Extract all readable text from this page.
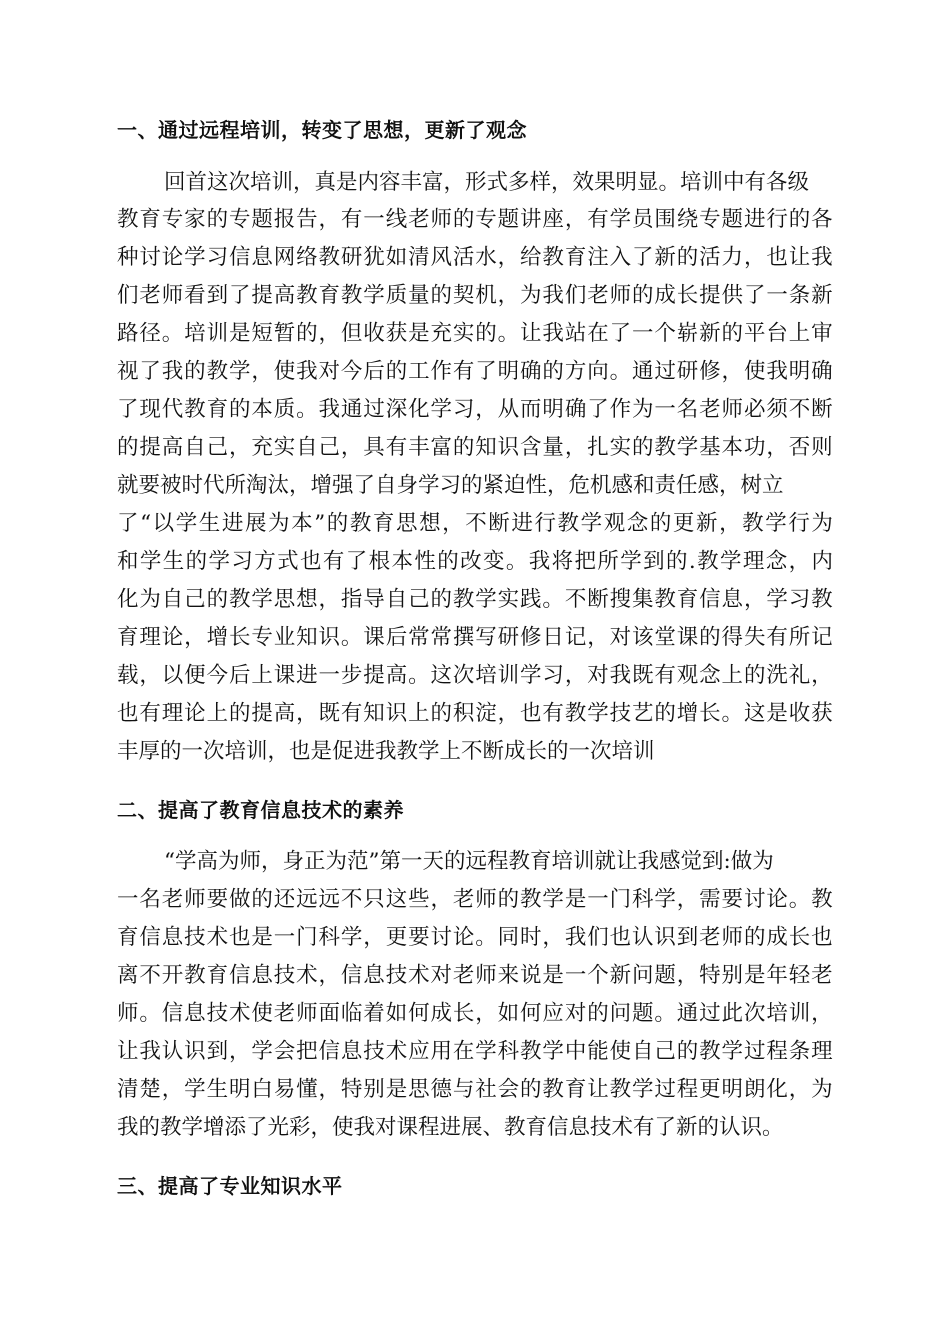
一、通过远程培训，转变了思想，更新了观念
回首这次培训，真是内容丰富，形式多样，效果明显。培训中有各级
教 育 专 家 的 专 题 报 告 ， 有 一 线 老 师 的 专 题 讲 座 ， 有 学 员 围 绕 专 题 进 行 的 各
种 讨 论 学 习 信 息 网 络 教 研 犹 如 清 风 活 水 ， 给 教 育 注 入 了 新 的 活 力 ， 也 让 我
们 老 师 看 到 了 提 高 教 育 教 学 质 量 的 契 机 ， 为 我 们 老 师 的 成 长 提 供 了 一 条 新
路 径 。 培 训 是 短 暂 的 ， 但 收 获 是 充 实 的 。 让 我 站 在 了 一 个 崭 新 的 平 台 上 审
视 了 我 的 教 学 ， 使 我 对 今 后 的 工 作 有 了 明 确 的 方 向 。 通 过 研 修 ， 使 我 明 确
了 现 代 教 育 的 本 质 。 我 通 过 深 化 学 习 ， 从 而 明 确 了 作 为 一 名 老 师 必 须 不 断
的 提 高 自 己 ， 充 实 自 己 ， 具 有 丰 富 的 知 识 含 量 ， 扎 实 的 教 学 基 本 功 ， 否 则
就要被时代所淘汰，增强了自身学习的紧迫性，危机感和责任感，树立
了 “ 以 学 生 进 展 为 本 ” 的 教 育 思 想 ， 不 断 进 行 教 学 观 念 的 更 新 ， 教 学 行 为
和 学 生 的 学 习 方 式 也 有 了 根 本 性 的 改 变 。 我 将 把 所 学 到 的 . 教 学 理 念 ， 内
化 为 自 己 的 教 学 思 想 ， 指 导 自 己 的 教 学 实 践 。 不 断 搜 集 教 育 信 息 ， 学 习 教
育 理 论 ， 增 长 专 业 知 识 。 课 后 常 常 撰 写 研 修 日 记 ， 对 该 堂 课 的 得 失 有 所 记
载 ， 以 便 今 后 上 课 进 一 步 提 高 。 这 次 培 训 学 习 ， 对 我 既 有 观 念 上 的 洗 礼 ，
也 有 理 论 上 的 提 高 ， 既 有 知 识 上 的 积 淀 ， 也 有 教 学 技 艺 的 增 长 。 这 是 收 获
丰厚的一次培训，也是促进我教学上不断成长的一次培训
二、提高了教育信息技术的素养
“学高为师，身正为范”第一天的远程教育培训就让我感觉到:做为
一 名 老 师 要 做 的 还 远 远 不 只 这 些 ， 老 师 的 教 学 是 一 门 科 学 ， 需 要 讨 论 。 教
育 信 息 技 术 也 是 一 门 科 学 ， 更 要 讨 论 。 同 时 ， 我 们 也 认 识 到 老 师 的 成 长 也
离 不 开 教 育 信 息 技 术 ， 信 息 技 术 对 老 师 来 说 是 一 个 新 问 题 ， 特 别 是 年 轻 老
师 。 信 息 技 术 使 老 师 面 临 着 如 何 成 长 ， 如 何 应 对 的 问 题 。 通 过 此 次 培 训 ，
让 我 认 识 到 ， 学 会 把 信 息 技 术 应 用 在 学 科 教 学 中 能 使 自 己 的 教 学 过 程 条 理
清 楚 ， 学 生 明 白 易 懂 ， 特 别 是 思 德 与 社 会 的 教 育 让 教 学 过 程 更 明 朗 化 ， 为
我的教学增添了光彩，使我对课程进展、教育信息技术有了新的认识。
三、提高了专业知识水平
